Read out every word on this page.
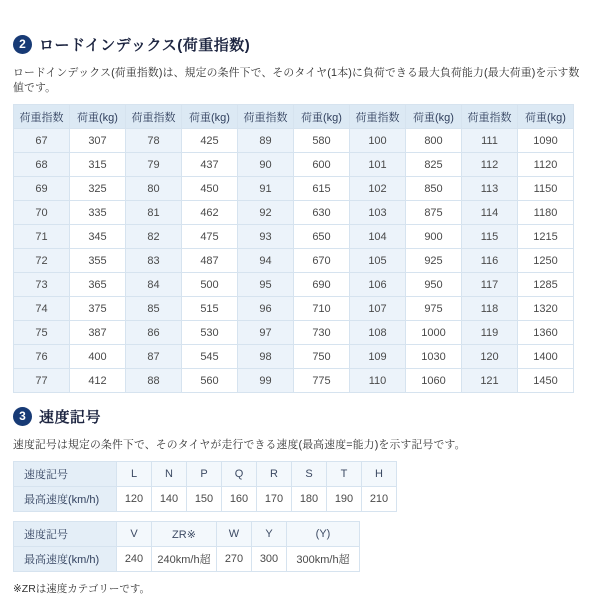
2 ロードインデックス(荷重指数)
ロードインデックス(荷重指数)は、規定の条件下で、そのタイヤ(1本)に負荷できる最大負荷能力(最大荷重)を示す数値です。
荷重指数	荷重(kg)	荷重指数	荷重(kg)	荷重指数	荷重(kg)	荷重指数	荷重(kg)	荷重指数	荷重(kg)
67	307	78	425	89	580	100	800	111	1090
68	315	79	437	90	600	101	825	112	1120
69	325	80	450	91	615	102	850	113	1150
70	335	81	462	92	630	103	875	114	1180
71	345	82	475	93	650	104	900	115	1215
72	355	83	487	94	670	105	925	116	1250
73	365	84	500	95	690	106	950	117	1285
74	375	85	515	96	710	107	975	118	1320
75	387	86	530	97	730	108	1000	119	1360
76	400	87	545	98	750	109	1030	120	1400
77	412	88	560	99	775	110	1060	121	1450
3 速度記号
速度記号は規定の条件下で、そのタイヤが走行できる速度(最高速度=能力)を示す記号です。
速度記号	L	N	P	Q	R	S	T	H
最高速度(km/h)	120	140	150	160	170	180	190	210
速度記号	V	ZR※	W	Y	(Y)
最高速度(km/h)	240	240km/h超	270	300	300km/h超
※ZRは速度カテゴリーです。
